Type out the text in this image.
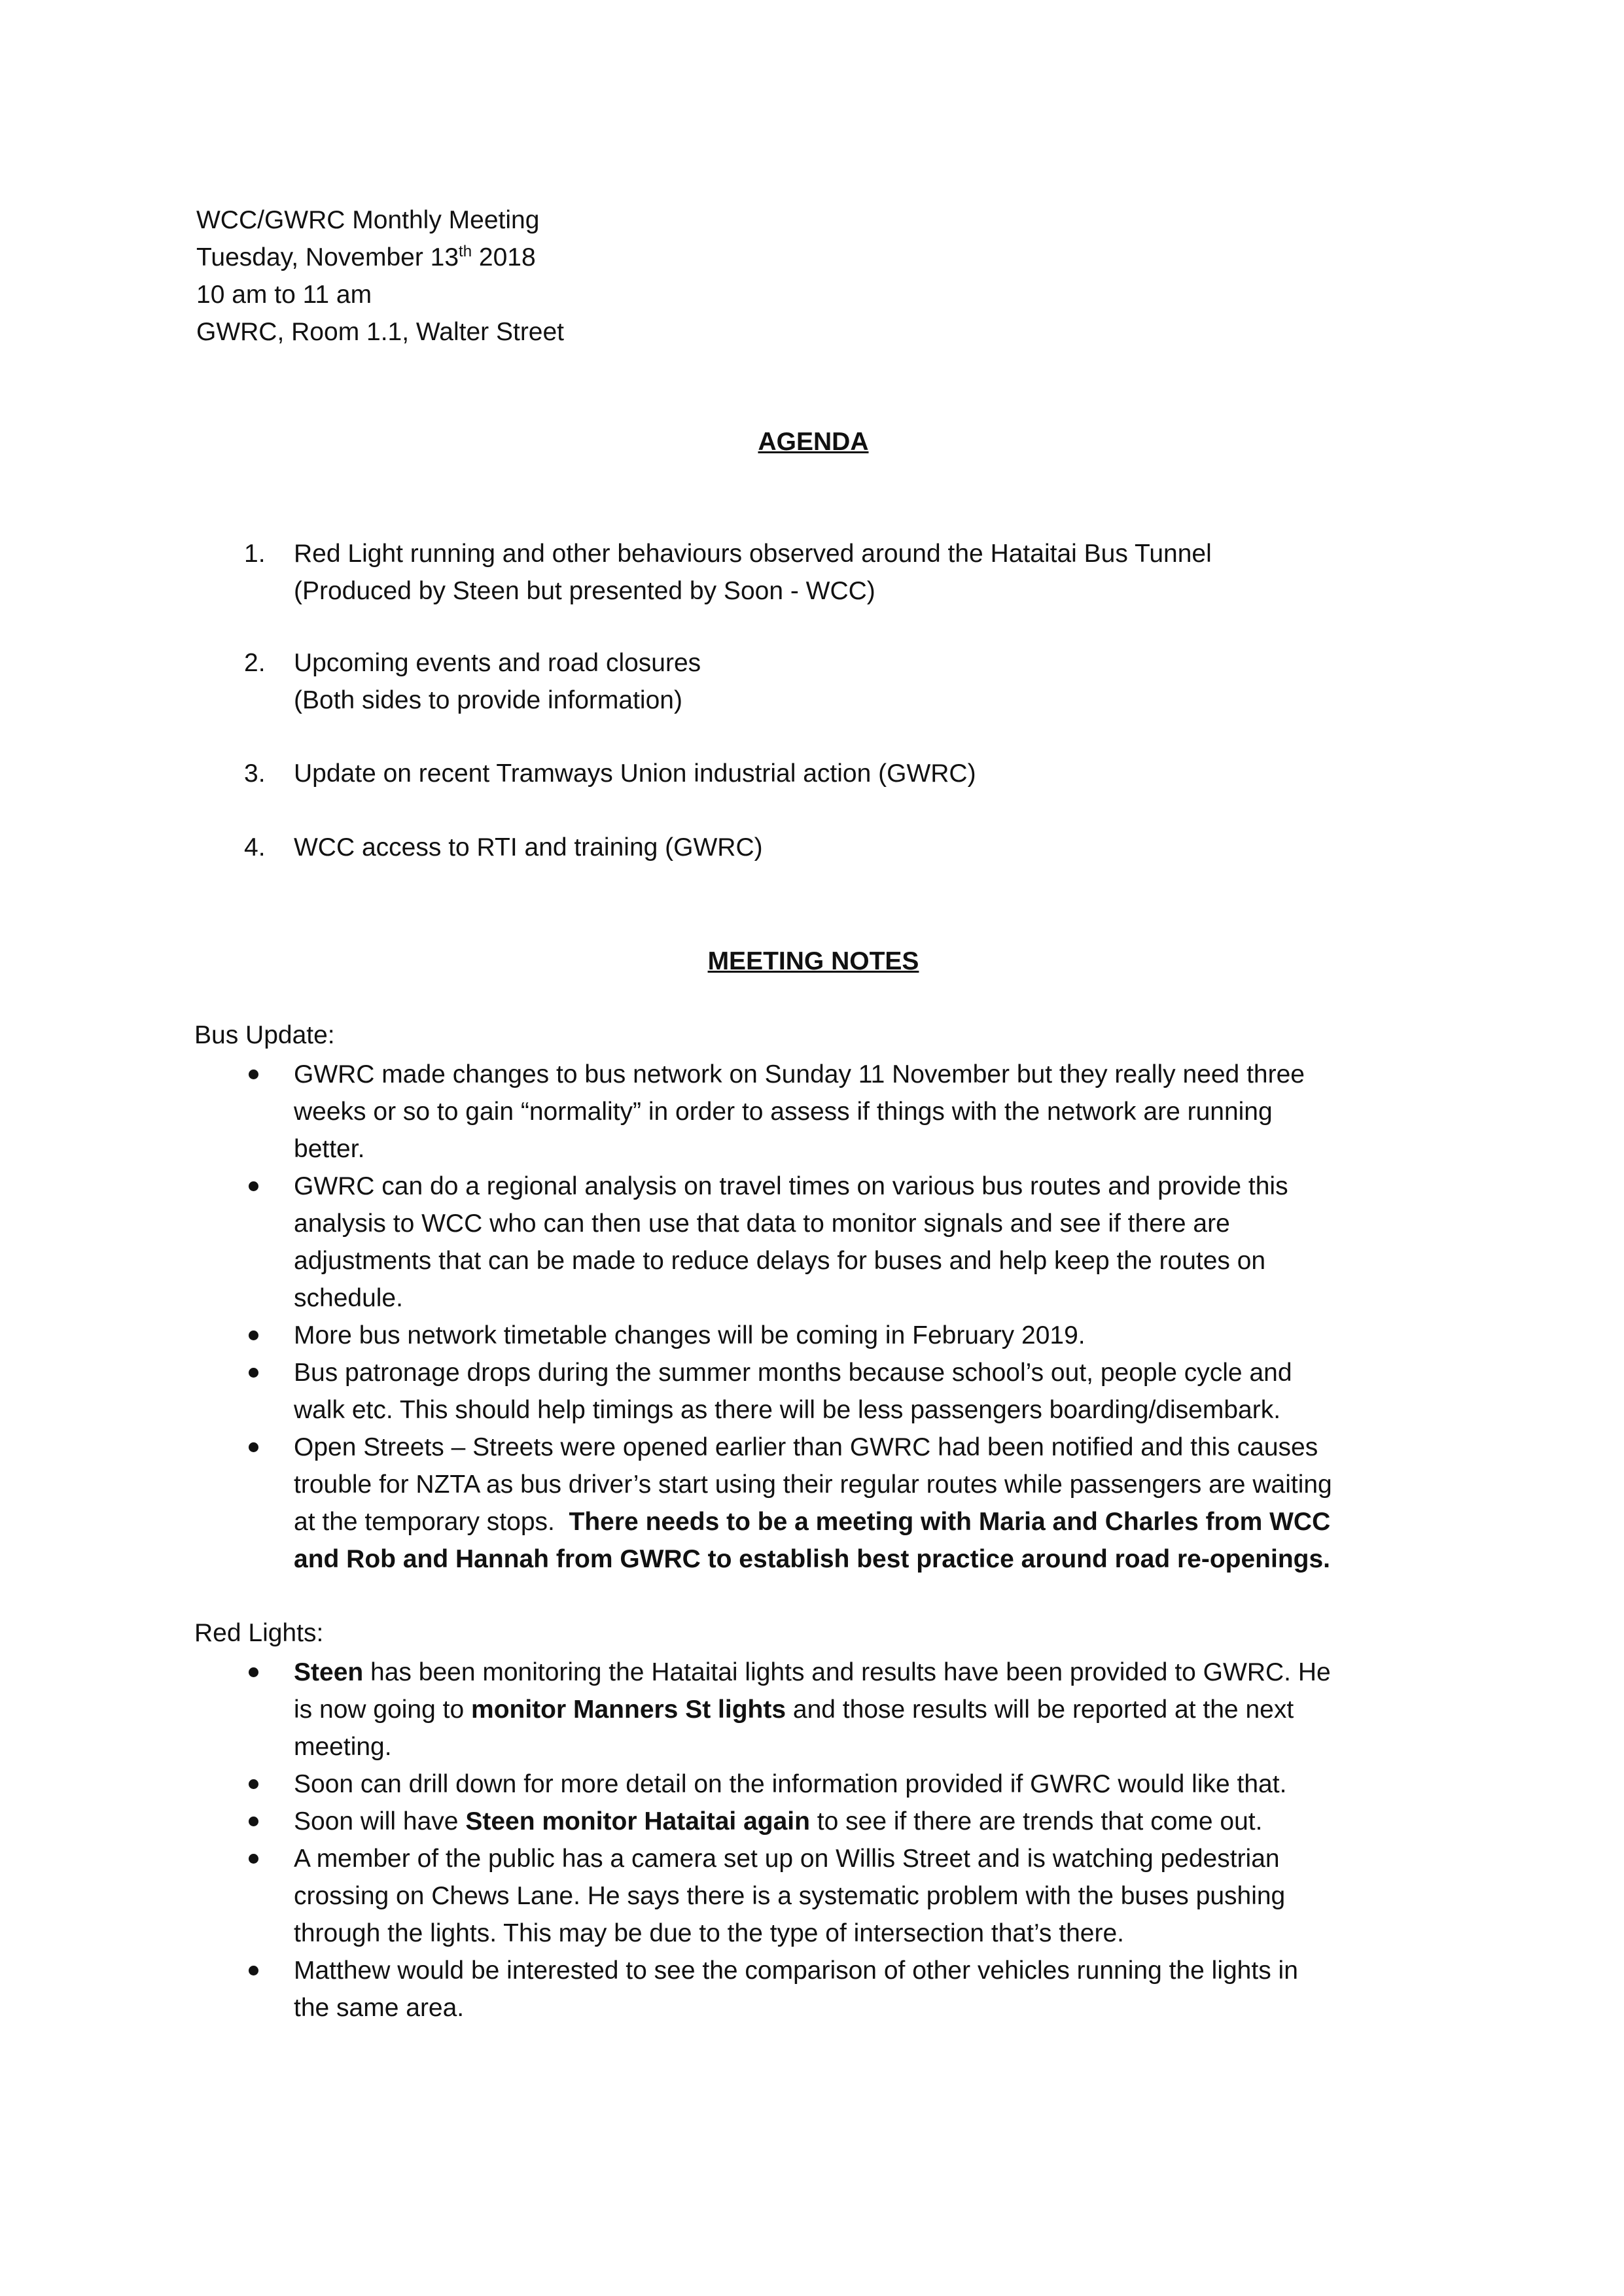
WCC/GWRC Monthly Meeting
Tuesday, November 13th 2018
10 am to 11 am
GWRC, Room 1.1, Walter Street
AGENDA
1.	Red Light running and other behaviours observed around the Hataitai Bus Tunnel
(Produced by Steen but presented by Soon - WCC)
2.	Upcoming events and road closures
(Both sides to provide information)
3.	Update on recent Tramways Union industrial action (GWRC)
4.	WCC access to RTI and training (GWRC)
MEETING NOTES
Bus Update:
GWRC made changes to bus network on Sunday 11 November but they really need three
weeks or so to gain “normality” in order to assess if things with the network are running
better.
GWRC can do a regional analysis on travel times on various bus routes and provide this
analysis to WCC who can then use that data to monitor signals and see if there are
adjustments that can be made to reduce delays for buses and help keep the routes on
schedule.
More bus network timetable changes will be coming in February 2019.
Bus patronage drops during the summer months because school’s out, people cycle and
walk etc. This should help timings as there will be less passengers boarding/disembark.
Open Streets – Streets were opened earlier than GWRC had been notified and this causes
trouble for NZTA as bus driver’s start using their regular routes while passengers are waiting
at the temporary stops.  There needs to be a meeting with Maria and Charles from WCC
and Rob and Hannah from GWRC to establish best practice around road re-openings.
Red Lights:
Steen has been monitoring the Hataitai lights and results have been provided to GWRC. He
is now going to monitor Manners St lights and those results will be reported at the next
meeting.
Soon can drill down for more detail on the information provided if GWRC would like that.
Soon will have Steen monitor Hataitai again to see if there are trends that come out.
A member of the public has a camera set up on Willis Street and is watching pedestrian
crossing on Chews Lane. He says there is a systematic problem with the buses pushing
through the lights. This may be due to the type of intersection that’s there.
Matthew would be interested to see the comparison of other vehicles running the lights in
the same area.
